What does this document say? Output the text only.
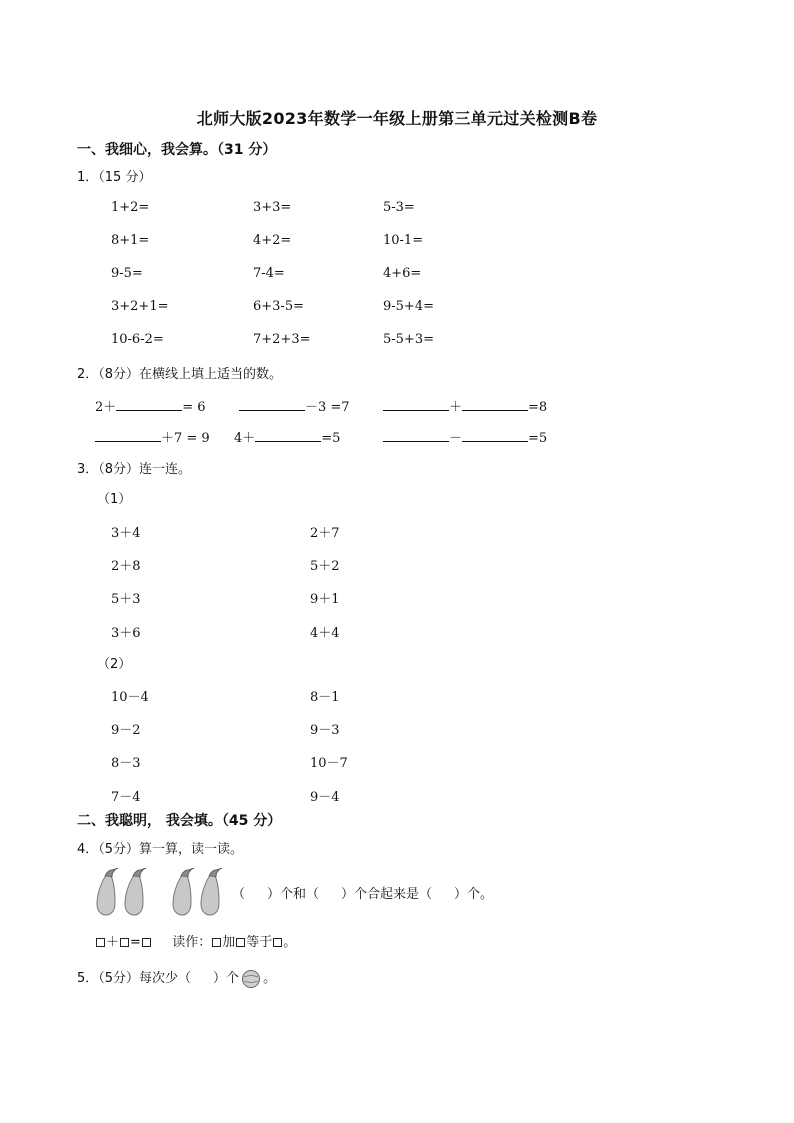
北师大版2023年数学一年级上册第三单元过关检测B卷
一、我细心，我会算。（31 分）
1．（15 分）
1+2=	3+3=	5-3=
8+1=	4+2=	10-1=
9-5=	7-4=	4+6=
3+2+1=	6+3-5=	9-5+4=
10-6-2=	7+2+3=	5-5+3=
2．（8分）在横线上填上适当的数。
2＋	= 6	－3 =7	＋	=8
＋7 = 9 4＋	=5	－	=5
3．（8分）连一连。
（1）
3＋4	2＋7
2＋8	5＋2
5＋3	9＋1
3＋6	4＋4
（2）
10－4	8－1
9－2	9－3
8－3	10－7
7－4	9－4
二、我聪明， 我会填。（45 分）
4．（5分）算一算，读一读。
（ ）个和（ ）个合起来是（ ）个。
＋ = 读作： 加 等于 。
5．（5分）每次少（ ）个 。
